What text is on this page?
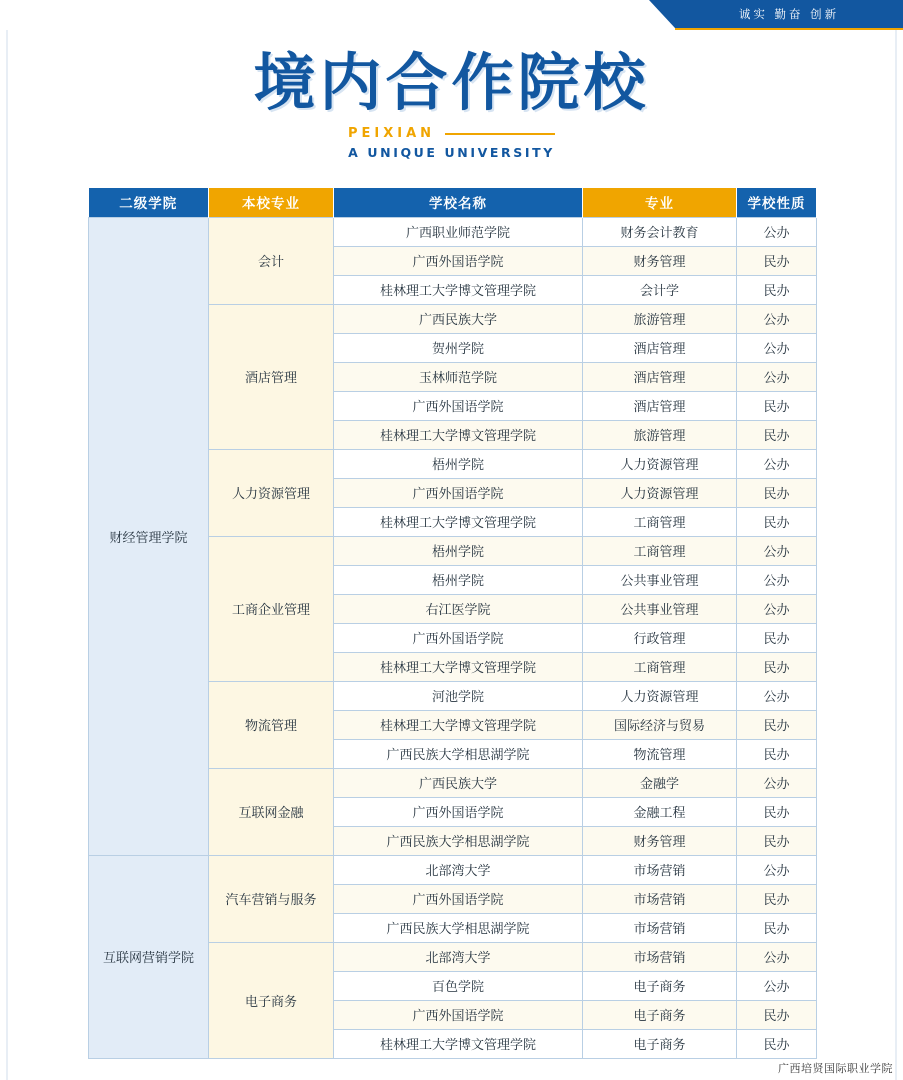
诚实 勤奋 创新
境内合作院校
PEIXIAN
A UNIQUE UNIVERSITY
二级学院	本校专业	学校名称	专业	学校性质
财经管理学院	会计	广西职业师范学院	财务会计教育	公办
		广西外国语学院	财务管理	民办
		桂林理工大学博文管理学院	会计学	民办
	酒店管理	广西民族大学	旅游管理	公办
		贺州学院	酒店管理	公办
		玉林师范学院	酒店管理	公办
		广西外国语学院	酒店管理	民办
		桂林理工大学博文管理学院	旅游管理	民办
	人力资源管理	梧州学院	人力资源管理	公办
		广西外国语学院	人力资源管理	民办
		桂林理工大学博文管理学院	工商管理	民办
	工商企业管理	梧州学院	工商管理	公办
		梧州学院	公共事业管理	公办
		右江医学院	公共事业管理	公办
		广西外国语学院	行政管理	民办
		桂林理工大学博文管理学院	工商管理	民办
	物流管理	河池学院	人力资源管理	公办
		桂林理工大学博文管理学院	国际经济与贸易	民办
		广西民族大学相思湖学院	物流管理	民办
	互联网金融	广西民族大学	金融学	公办
		广西外国语学院	金融工程	民办
		广西民族大学相思湖学院	财务管理	民办
互联网营销学院	汽车营销与服务	北部湾大学	市场营销	公办
		广西外国语学院	市场营销	民办
		广西民族大学相思湖学院	市场营销	民办
	电子商务	北部湾大学	市场营销	公办
		百色学院	电子商务	公办
		广西外国语学院	电子商务	民办
		桂林理工大学博文管理学院	电子商务	民办
广西培贤国际职业学院
